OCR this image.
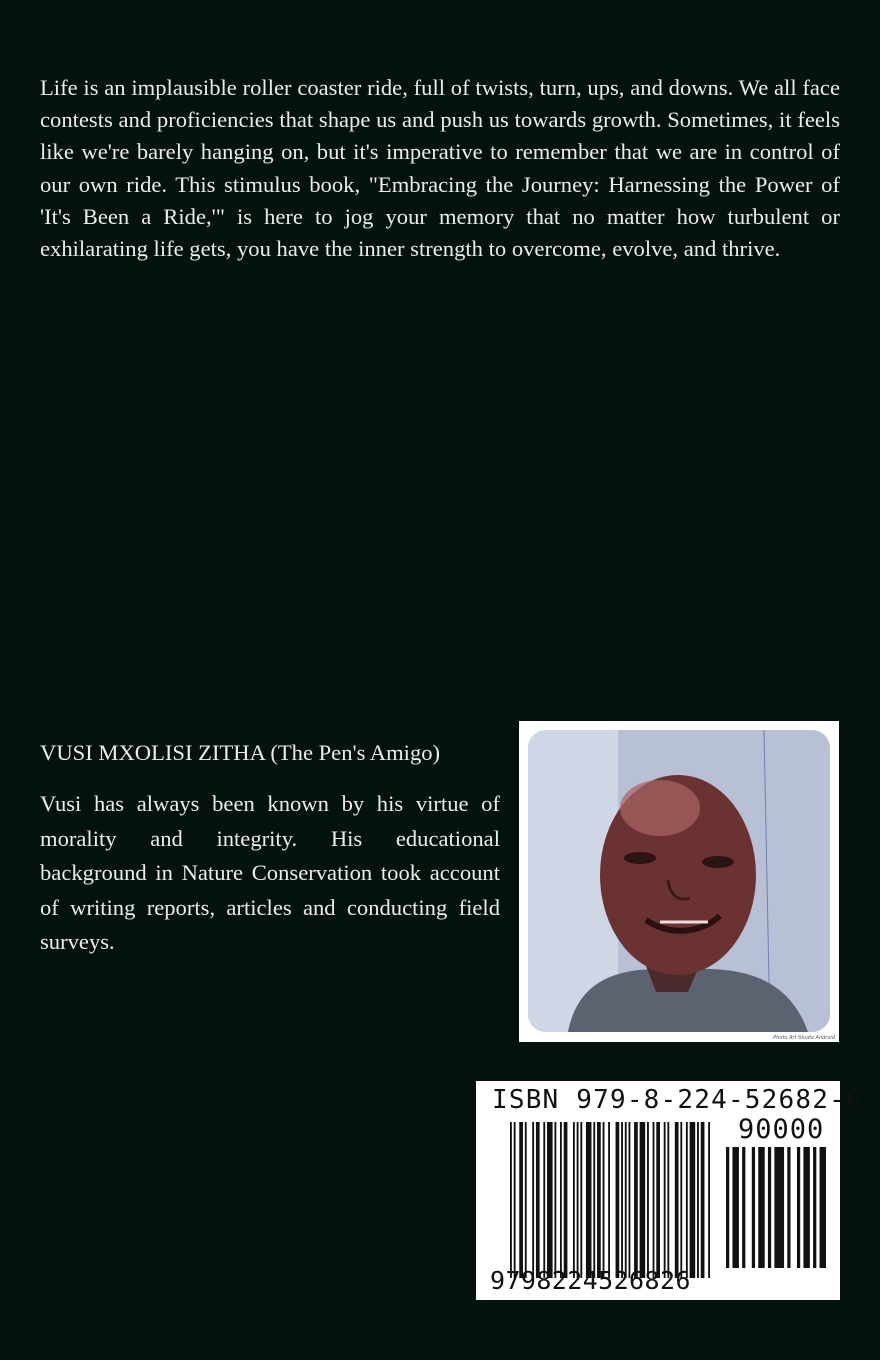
Life is an implausible roller coaster ride, full of twists, turn, ups, and downs. We all face contests and proficiencies that shape us and push us towards growth. Sometimes, it feels like we're barely hanging on, but it's imperative to remember that we are in control of our own ride. This stimulus book, "Embracing the Journey: Harnessing the Power of 'It's Been a Ride,'" is here to jog your memory that no matter how turbulent or exhilarating life gets, you have the inner strength to overcome, evolve, and thrive.

VUSI MXOLISI ZITHA (The Pen's Amigo)

Vusi has always been known by his virtue of morality and integrity. His educational background in Nature Conservation took account of writing reports, articles and conducting field surveys.

Photo Art Studio Android
ISBN 979-8-224-52682-6
90000
9798224526826
